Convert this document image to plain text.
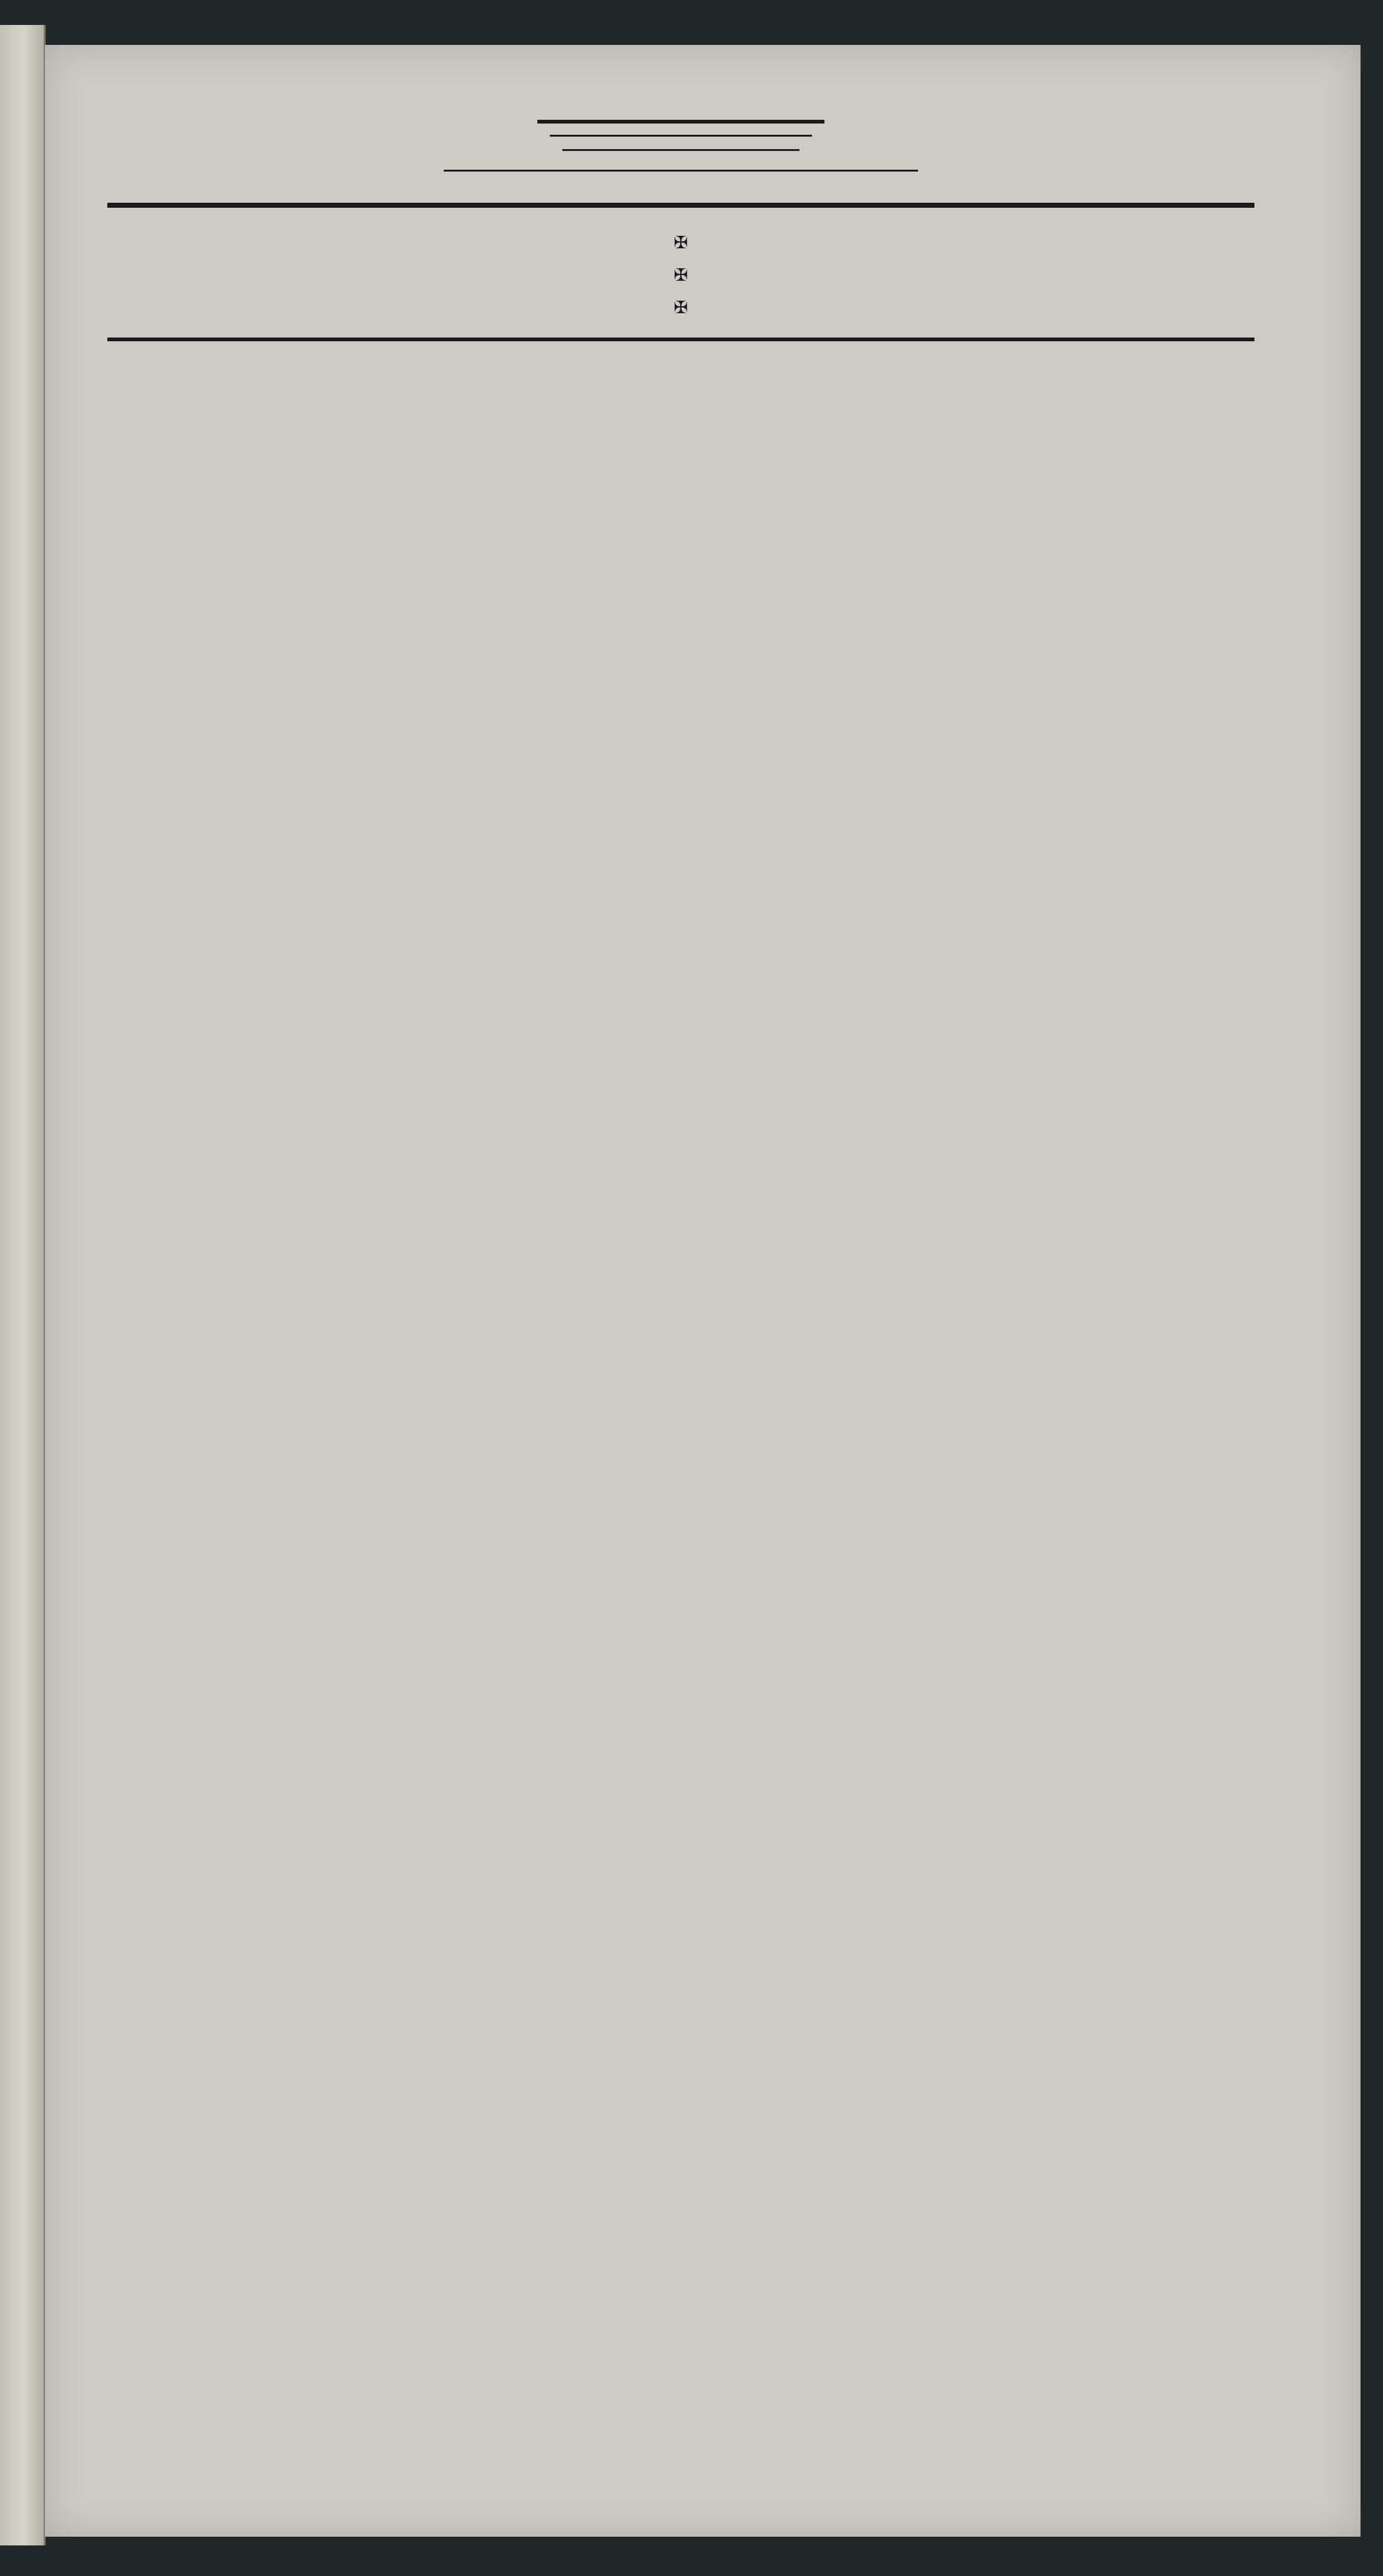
✠
✠
✠
